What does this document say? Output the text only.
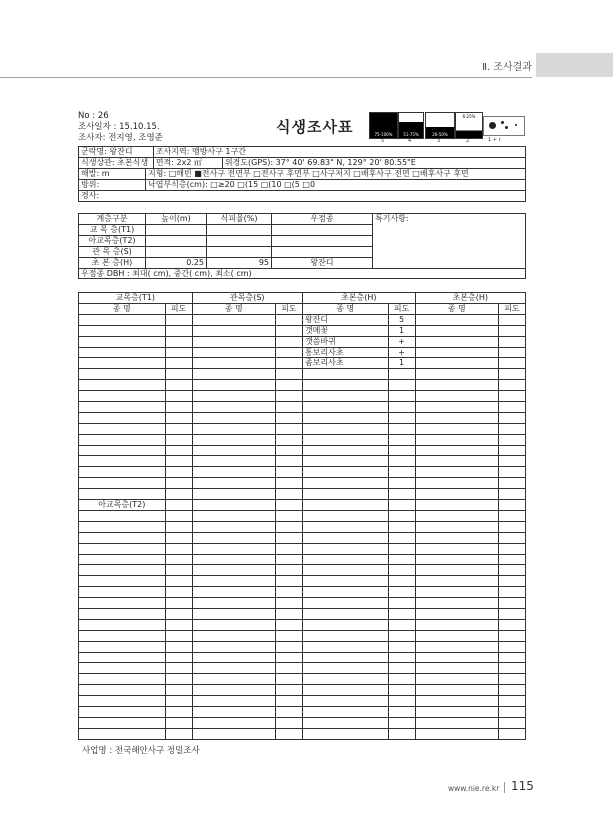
Ⅱ. 조사결과
No : 26
조사일자 : 15.10.15.
조사자: 전지영, 조영준
식생조사표	75-100%	51-75%	26-50%
6-25%
5	4	3	2	1 + r
군락명: 왕잔디		조사지역: 맹방사구 1구간	
식생상관: 초본식생		면적: 2x2 ㎡	위경도(GPS): 37° 40' 69.83" N, 129° 20' 80.55"E
해발: m	지형: □해빈 ■전사구 전면부 □전사구 후면부 □사구저지 □배후사구 전면 □배후사구 후면		
방위:	낙엽부식층(cm): □≥20 □(15 □(10 □(5 □0		
경사:			
계층구분	높이(m)	식피율(%)	우점종	특기사항:
교 목 층(T1)				
아교목층(T2)				
관 목 층(S)				
초 본 층(H)	0.25	95	왕잔디	
우점종 DBH : 최대( cm), 중간( cm), 최소( cm)				
교목층(T1)		관목층(S)		초본층(H)		초본층(H)	
종 명	피도	종 명	피도	종 명	피도	종 명	피도
				왕잔디	5		
				갯메꽃	1		
				갯씀바귀	+		
				통보리사초	+		
				좀보리사초	1		

아교목층(T2)							

사업명 : 전국해안사구 정밀조사
www.nie.re.kr 115
